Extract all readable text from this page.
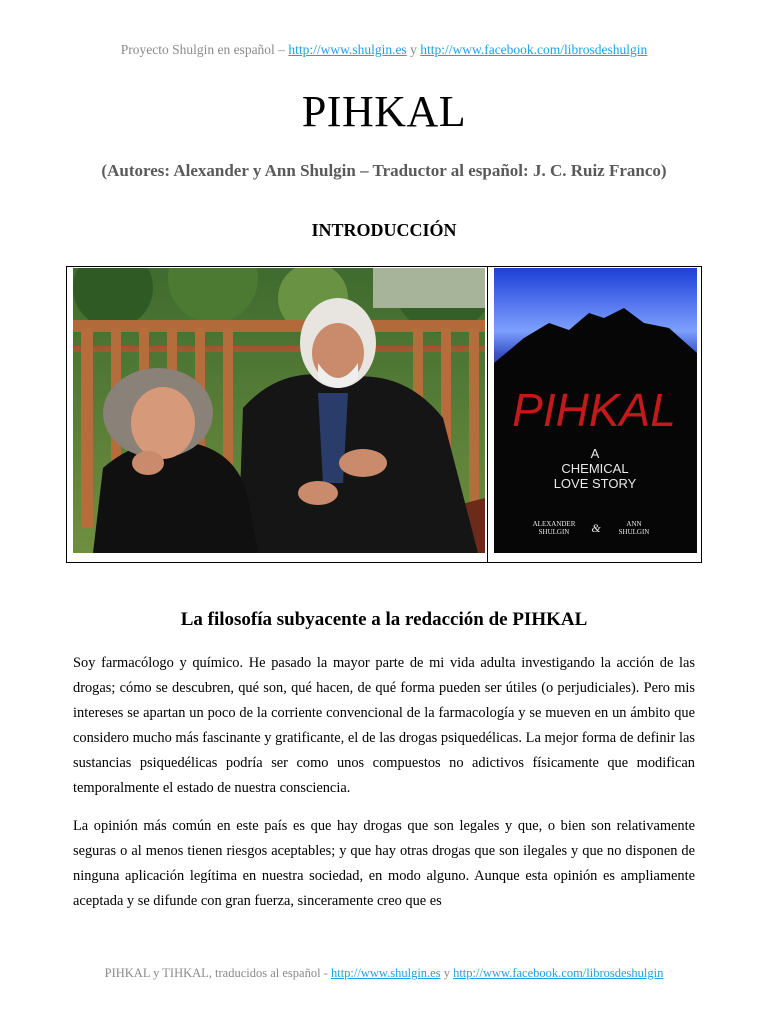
Proyecto Shulgin en español – http://www.shulgin.es y http://www.facebook.com/librosdeshulgin
PIHKAL
(Autores: Alexander y Ann Shulgin – Traductor al español: J. C. Ruiz Franco)
INTRODUCCIÓN
PIHKAL
A
CHEMICAL
LOVE STORY
ALEXANDER
SHULGIN &	ANN
SHULGIN
La filosofía subyacente a la redacción de PIHKAL

Soy farmacólogo y químico. He pasado la mayor parte de mi vida adulta investigando la acción de las drogas; cómo se descubren, qué son, qué hacen, de qué forma pueden ser útiles (o perjudiciales). Pero mis intereses se apartan un poco de la corriente convencional de la farmacología y se mueven en un ámbito que considero mucho más fascinante y gratificante, el de las drogas psiquedélicas. La mejor forma de definir las sustancias psiquedélicas podría ser como unos compuestos no adictivos físicamente que modifican temporalmente el estado de nuestra consciencia.

La opinión más común en este país es que hay drogas que son legales y que, o bien son relativamente seguras o al menos tienen riesgos aceptables; y que hay otras drogas que son ilegales y que no disponen de ninguna aplicación legítima en nuestra sociedad, en modo alguno. Aunque esta opinión es ampliamente aceptada y se difunde con gran fuerza, sinceramente creo que es

PIHKAL y TIHKAL, traducidos al español - http://www.shulgin.es y http://www.facebook.com/librosdeshulgin
